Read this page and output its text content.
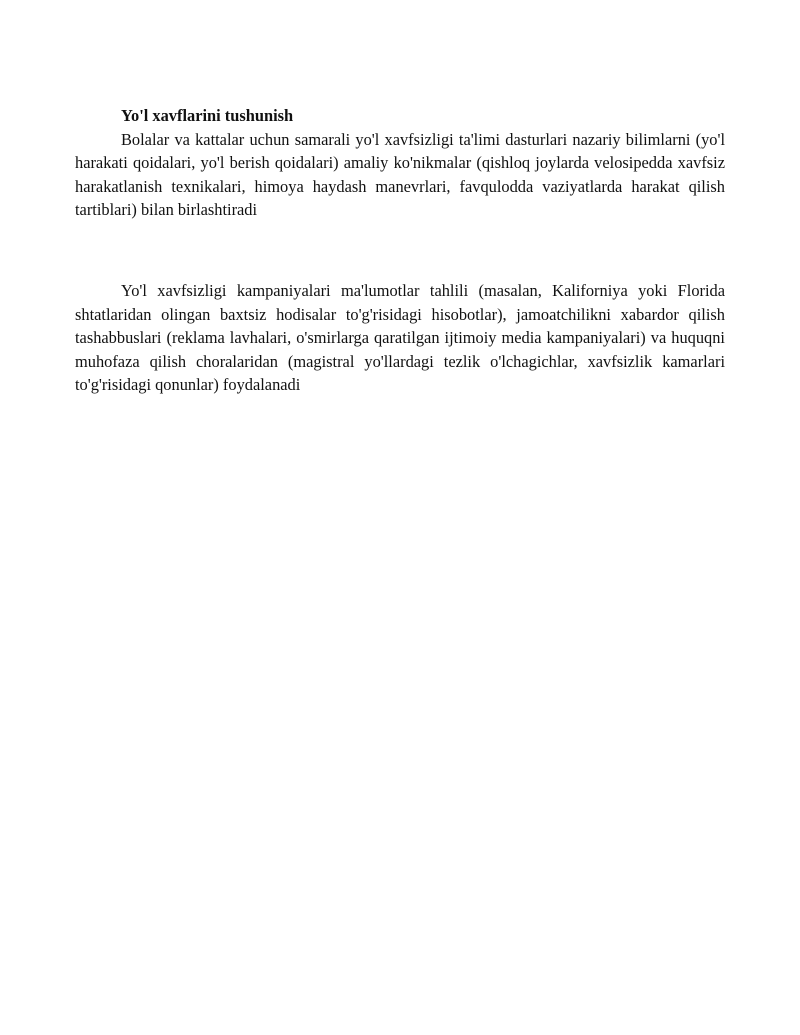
Yo'l xavflarini tushunish

Bolalar va kattalar uchun samarali yo'l xavfsizligi ta'limi dasturlari nazariy bilimlarni (yo'l harakati qoidalari, yo'l berish qoidalari) amaliy ko'nikmalar (qishloq joylarda velosipedda xavfsiz harakatlanish texnikalari, himoya haydash manevrlari, favqulodda vaziyatlarda harakat qilish tartiblari) bilan birlashtiradi

Yo'l xavfsizligi kampaniyalari ma'lumotlar tahlili (masalan, Kaliforniya yoki Florida shtatlaridan olingan baxtsiz hodisalar to'g'risidagi hisobotlar), jamoatchilikni xabardor qilish tashabbuslari (reklama lavhalari, o'smirlarga qaratilgan ijtimoiy media kampaniyalari) va huquqni muhofaza qilish choralaridan (magistral yo'llardagi tezlik o'lchagichlar, xavfsizlik kamarlari to'g'risidagi qonunlar) foydalanadi
